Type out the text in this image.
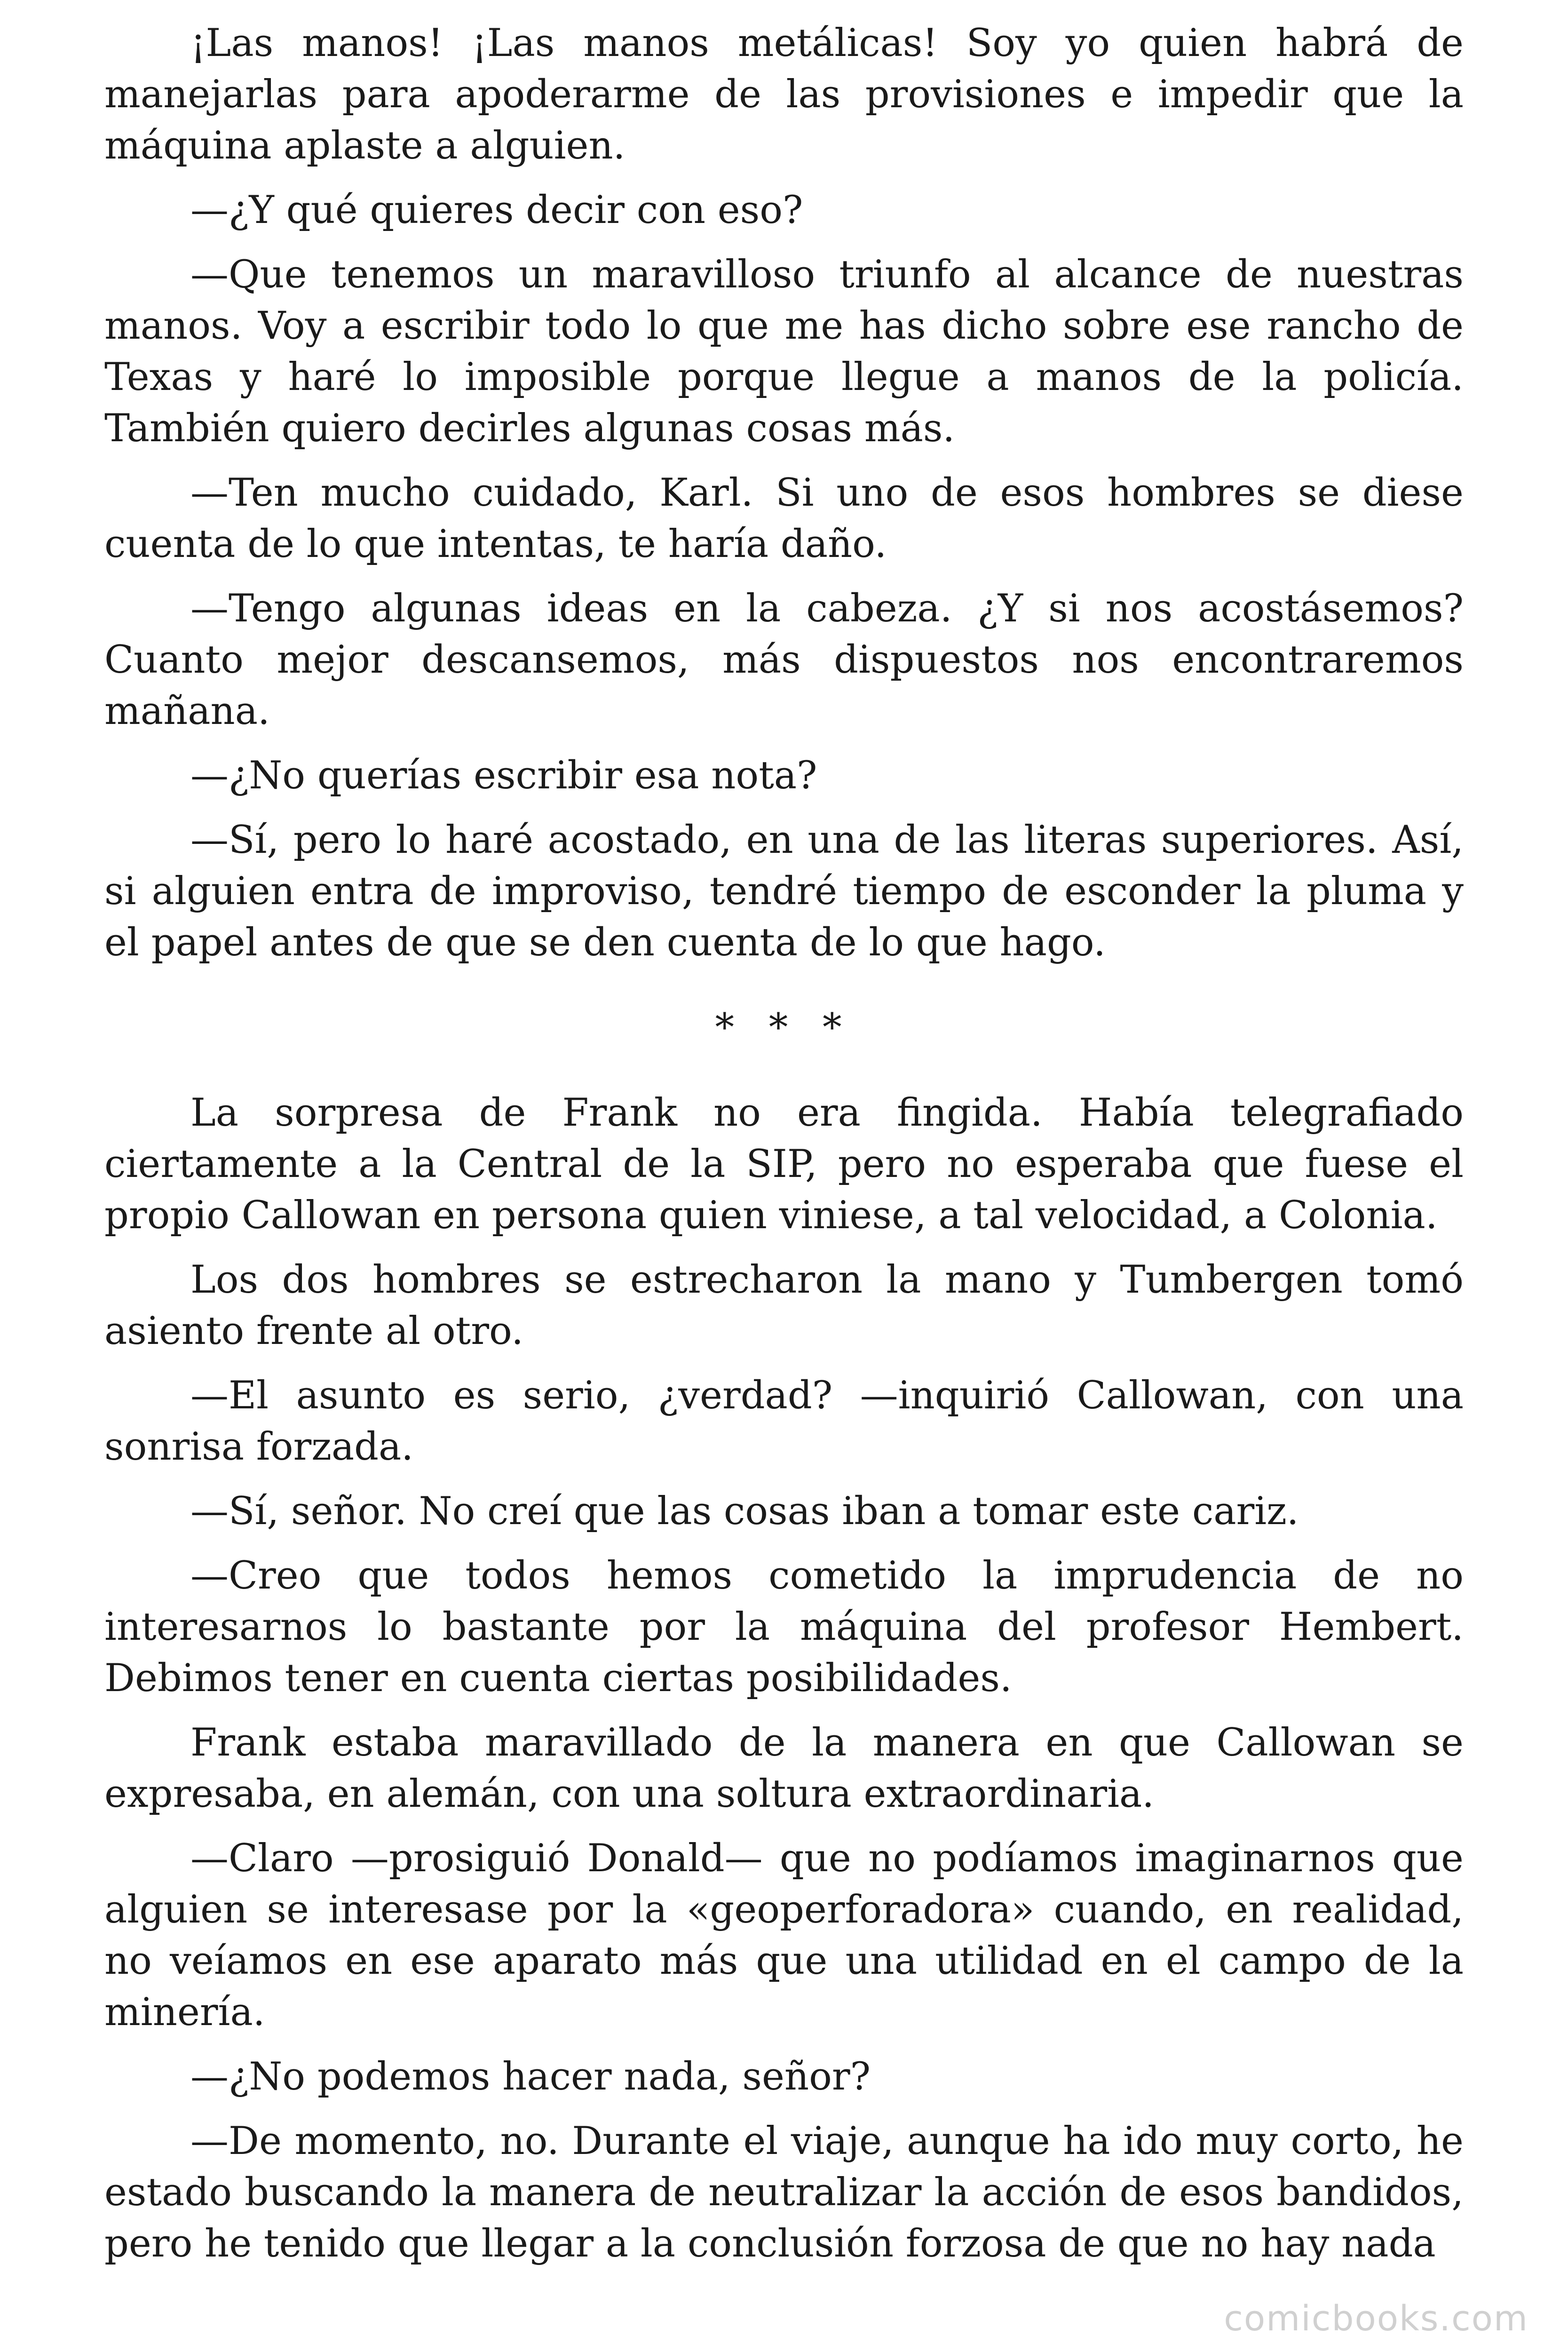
¡Las manos! ¡Las manos metálicas! Soy yo quien habrá de manejarlas para apoderarme de las provisiones e impedir que la máquina aplaste a alguien.

—¿Y qué quieres decir con eso?

—Que tenemos un maravilloso triunfo al alcance de nuestras manos. Voy a escribir todo lo que me has dicho sobre ese rancho de Texas y haré lo imposible porque llegue a manos de la policía. También quiero decirles algunas cosas más.

—Ten mucho cuidado, Karl. Si uno de esos hombres se diese cuenta de lo que intentas, te haría daño.

—Tengo algunas ideas en la cabeza. ¿Y si nos acostásemos? Cuanto mejor descansemos, más dispuestos nos encontraremos mañana.

—¿No querías escribir esa nota?

—Sí, pero lo haré acostado, en una de las literas superiores. Así, si alguien entra de improviso, tendré tiempo de esconder la pluma y el papel antes de que se den cuenta de lo que hago.

* * *

La sorpresa de Frank no era fingida. Había telegrafiado ciertamente a la Central de la SIP, pero no esperaba que fuese el propio Callowan en persona quien viniese, a tal velocidad, a Colonia.

Los dos hombres se estrecharon la mano y Tumbergen tomó asiento frente al otro.

—El asunto es serio, ¿verdad? —inquirió Callowan, con una sonrisa forzada.

—Sí, señor. No creí que las cosas iban a tomar este cariz.

—Creo que todos hemos cometido la imprudencia de no interesarnos lo bastante por la máquina del profesor Hembert. Debimos tener en cuenta ciertas posibilidades.

Frank estaba maravillado de la manera en que Callowan se expresaba, en alemán, con una soltura extraordinaria.

—Claro —prosiguió Donald— que no podíamos imaginarnos que alguien se interesase por la «geoperforadora» cuando, en realidad, no veíamos en ese aparato más que una utilidad en el campo de la minería.

—¿No podemos hacer nada, señor?

—De momento, no. Durante el viaje, aunque ha ido muy corto, he estado buscando la manera de neutralizar la acción de esos bandidos, pero he tenido que llegar a la conclusión forzosa de que no hay nada

comicbooks.com
